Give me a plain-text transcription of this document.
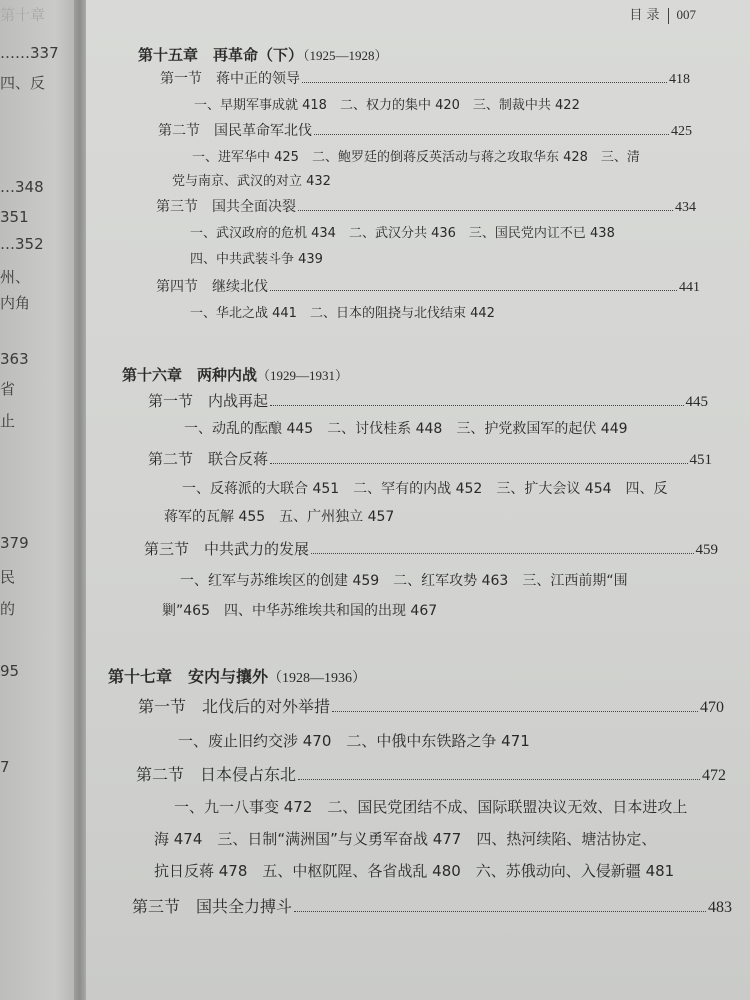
第十章
……337
四、反
…348
351
…352
州、
内角
363
省
止
379
民
的
95
7
目 录 007
第十五章　再革命（下）（1925—1928）
第一节　蒋中正的领导	418
一、早期军事成就 418　二、权力的集中 420　三、制裁中共 422
第二节　国民革命军北伐	425
一、进军华中 425　二、鲍罗廷的倒蒋反英活动与蒋之攻取华东 428　三、清
党与南京、武汉的对立 432
第三节　国共全面决裂	434
一、武汉政府的危机 434　二、武汉分共 436　三、国民党内讧不已 438
四、中共武装斗争 439
第四节　继续北伐	441
一、华北之战 441　二、日本的阻挠与北伐结束 442
第十六章　两种内战（1929—1931）
第一节　内战再起	445
一、动乱的酝酿 445　二、讨伐桂系 448　三、护党救国军的起伏 449
第二节　联合反蒋	451
一、反蒋派的大联合 451　二、罕有的内战 452　三、扩大会议 454　四、反
蒋军的瓦解 455　五、广州独立 457
第三节　中共武力的发展	459
一、红军与苏维埃区的创建 459　二、红军攻势 463　三、江西前期“围
剿”465　四、中华苏维埃共和国的出现 467
第十七章　安内与攘外（1928—1936）
第一节　北伐后的对外举措	470
一、废止旧约交涉 470　二、中俄中东铁路之争 471
第二节　日本侵占东北	472
一、九一八事变 472　二、国民党团结不成、国际联盟决议无效、日本进攻上
海 474　三、日制“满洲国”与义勇军奋战 477　四、热河续陷、塘沽协定、
抗日反蒋 478　五、中枢阢陧、各省战乱 480　六、苏俄动向、入侵新疆 481
第三节　国共全力搏斗	483
